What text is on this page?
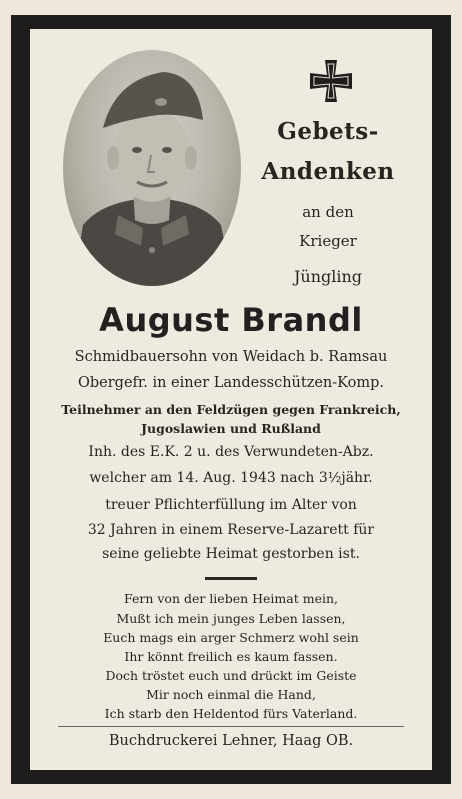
Gebets-
Andenken
an den
Krieger
Jüngling
August Brandl
Schmidbauersohn von Weidach b. Ramsau
Obergefr. in einer Landesschützen-Komp.
Teilnehmer an den Feldzügen gegen Frankreich,
Jugoslawien und Rußland
Inh. des E.K. 2 u. des Verwundeten-Abz.
welcher am 14. Aug. 1943 nach 3½jähr.
treuer Pflichterfüllung im Alter von
32 Jahren in einem Reserve-Lazarett für
seine geliebte Heimat gestorben ist.
Fern von der lieben Heimat mein,
Mußt ich mein junges Leben lassen,
Euch mags ein arger Schmerz wohl sein
Ihr könnt freilich es kaum fassen.
Doch tröstet euch und drückt im Geiste
Mir noch einmal die Hand,
Ich starb den Heldentod fürs Vaterland.
Buchdruckerei Lehner, Haag OB.
